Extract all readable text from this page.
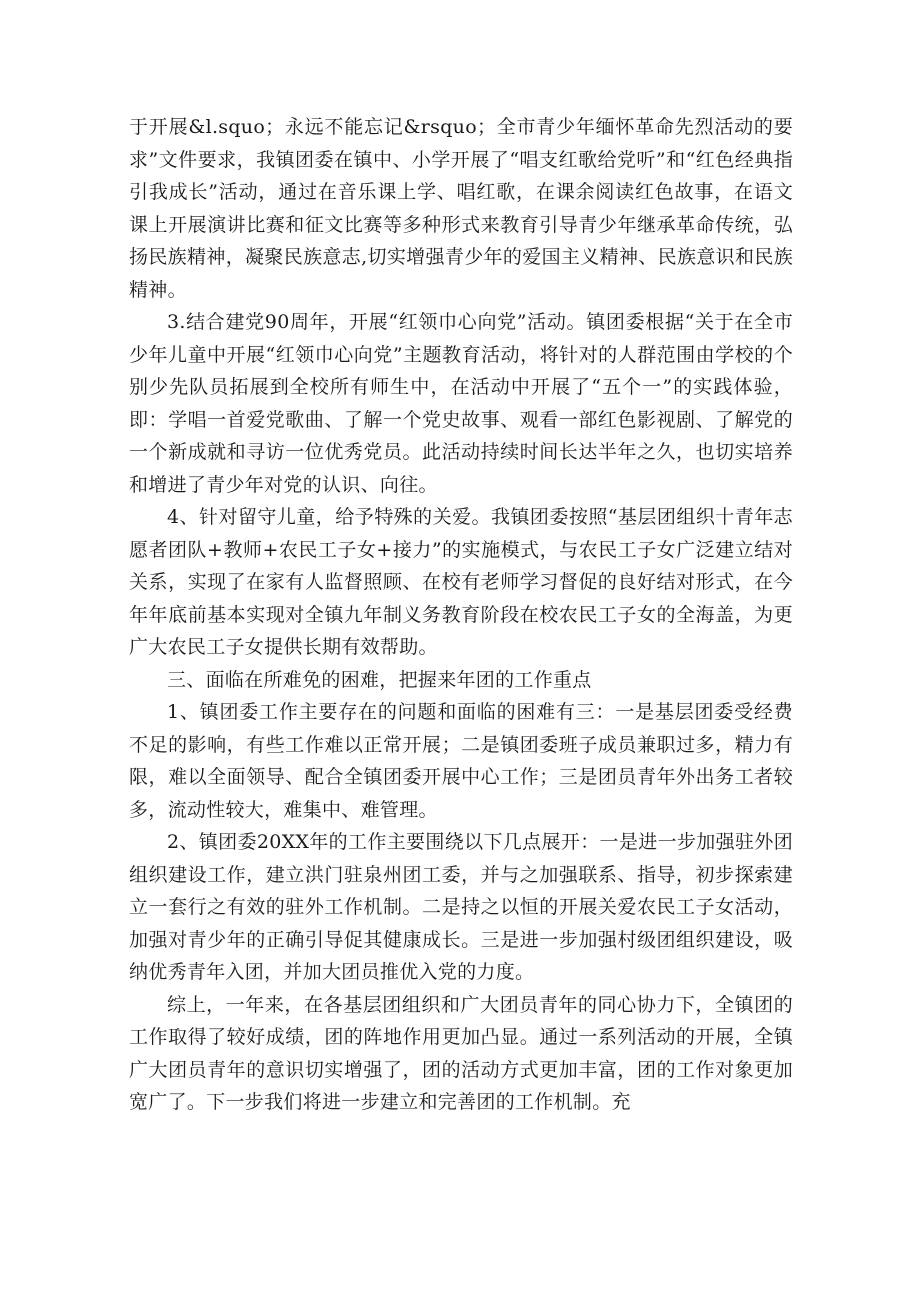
于开展&l.squo；永远不能忘记&rsquo；全市青少年缅怀革命先烈活动的要求”文件要求，我镇团委在镇中、小学开展了“唱支红歌给党听”和“红色经典指引我成长”活动，通过在音乐课上学、唱红歌，在课余阅读红色故事，在语文课上开展演讲比赛和征文比赛等多种形式来教育引导青少年继承革命传统，弘扬民族精神，凝聚民族意志,切实增强青少年的爱国主义精神、民族意识和民族精神。

3.结合建党90周年，开展“红领巾心向党”活动。镇团委根据“关于在全市少年儿童中开展“红领巾心向党”主题教育活动，将针对的人群范围由学校的个别少先队员拓展到全校所有师生中，在活动中开展了“五个一”的实践体验，即：学唱一首爱党歌曲、了解一个党史故事、观看一部红色影视剧、了解党的一个新成就和寻访一位优秀党员。此活动持续时间长达半年之久，也切实培养和增进了青少年对党的认识、向往。

4、针对留守儿童，给予特殊的关爱。我镇团委按照“基层团组织十青年志愿者团队+教师+农民工子女+接力”的实施模式，与农民工子女广泛建立结对关系，实现了在家有人监督照顾、在校有老师学习督促的良好结对形式，在今年年底前基本实现对全镇九年制义务教育阶段在校农民工子女的全海盖，为更广大农民工子女提供长期有效帮助。

三、面临在所难免的困难，把握来年团的工作重点

1、镇团委工作主要存在的问题和面临的困难有三：一是基层团委受经费不足的影响，有些工作难以正常开展；二是镇团委班子成员兼职过多，精力有限，难以全面领导、配合全镇团委开展中心工作；三是团员青年外出务工者较多，流动性较大，难集中、难管理。

2、镇团委20XX年的工作主要围绕以下几点展开：一是进一步加强驻外团组织建设工作，建立洪门驻泉州团工委，并与之加强联系、指导，初步探索建立一套行之有效的驻外工作机制。二是持之以恒的开展关爱农民工子女活动，加强对青少年的正确引导促其健康成长。三是进一步加强村级团组织建设，吸纳优秀青年入团，并加大团员推优入党的力度。

综上，一年来，在各基层团组织和广大团员青年的同心协力下，全镇团的工作取得了较好成绩，团的阵地作用更加凸显。通过一系列活动的开展，全镇广大团员青年的意识切实增强了，团的活动方式更加丰富，团的工作对象更加宽广了。下一步我们将进一步建立和完善团的工作机制。充
